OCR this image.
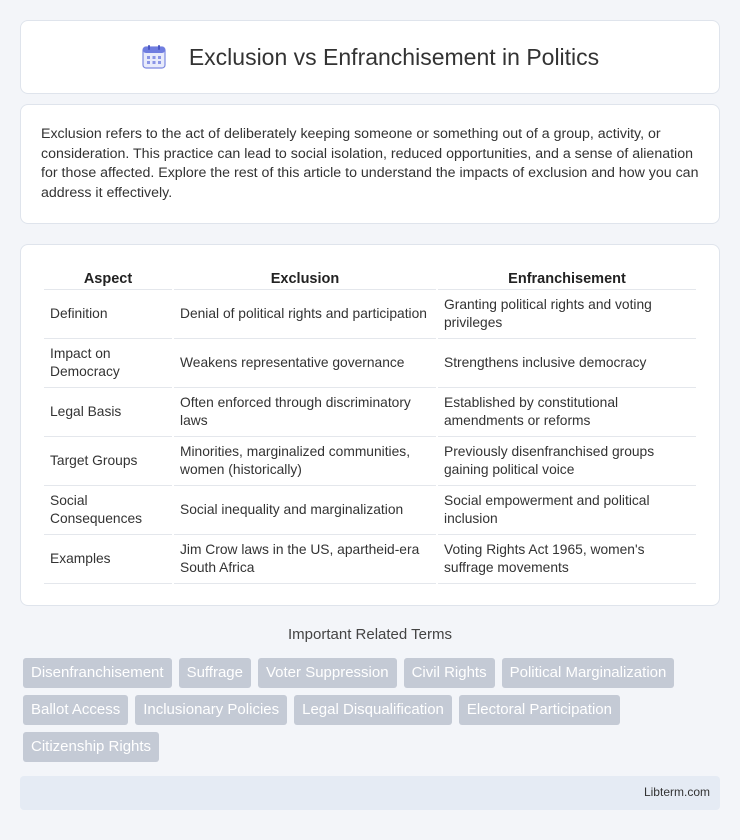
Exclusion vs Enfranchisement in Politics

Exclusion refers to the act of deliberately keeping someone or something out of a group, activity, or consideration. This practice can lead to social isolation, reduced opportunities, and a sense of alienation for those affected. Explore the rest of this article to understand the impacts of exclusion and how you can address it effectively.

Aspect	Exclusion	Enfranchisement
Definition	Denial of political rights and participation	Granting political rights and voting privileges
Impact on Democracy	Weakens representative governance	Strengthens inclusive democracy
Legal Basis	Often enforced through discriminatory laws	Established by constitutional amendments or reforms
Target Groups	Minorities, marginalized communities, women (historically)	Previously disenfranchised groups gaining political voice
Social Consequences	Social inequality and marginalization	Social empowerment and political inclusion
Examples	Jim Crow laws in the US, apartheid-era South Africa	Voting Rights Act 1965, women's suffrage movements
Important Related Terms
Disenfranchisement	Suffrage	Voter Suppression	Civil Rights	Political Marginalization
Ballot Access	Inclusionary Policies	Legal Disqualification	Electoral Participation
Citizenship Rights
Libterm.com
